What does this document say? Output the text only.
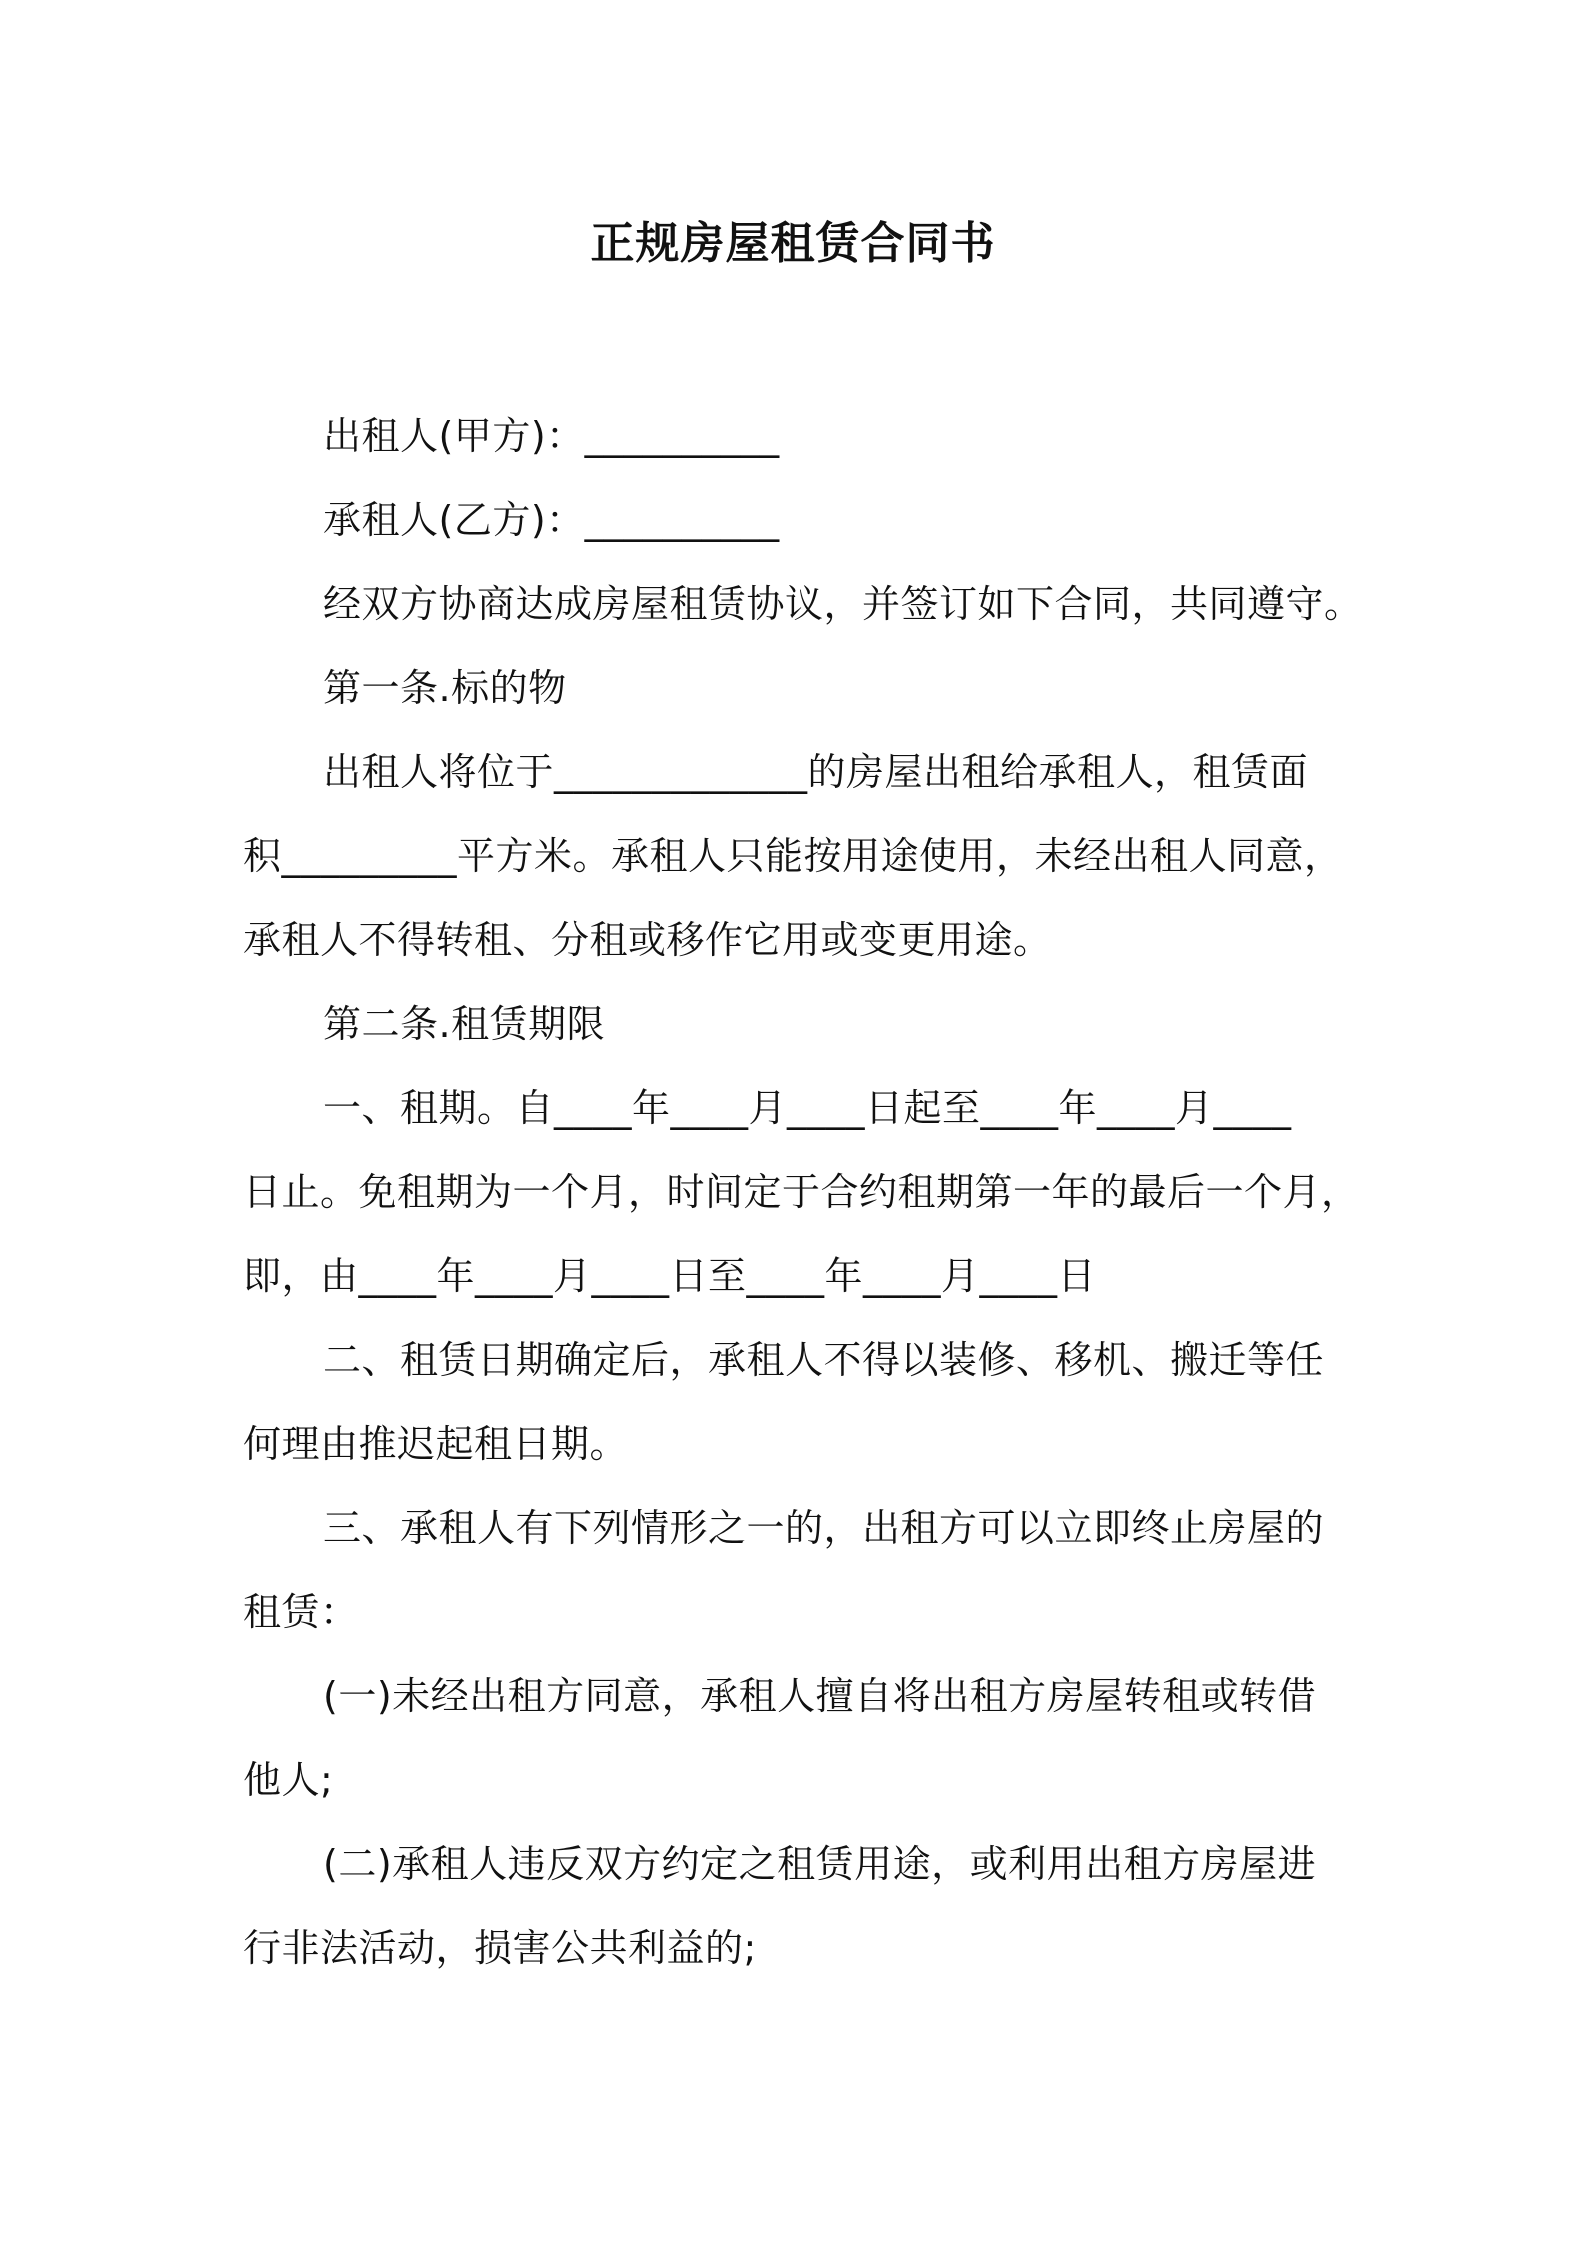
正规房屋租赁合同书
出租人(甲方)：__________
承租人(乙方)：__________
经双方协商达成房屋租赁协议，并签订如下合同，共同遵守。
第一条.标的物
出租人将位于_____________的房屋出租给承租人，租赁面
积_________平方米。承租人只能按用途使用，未经出租人同意，
承租人不得转租、分租或移作它用或变更用途。
第二条.租赁期限
一、租期。自____年____月____日起至____年____月____
日止。免租期为一个月，时间定于合约租期第一年的最后一个月，
即，由____年____月____日至____年____月____日
二、租赁日期确定后，承租人不得以装修、移机、搬迁等任
何理由推迟起租日期。
三、承租人有下列情形之一的，出租方可以立即终止房屋的
租赁：
(一)未经出租方同意，承租人擅自将出租方房屋转租或转借
他人;
(二)承租人违反双方约定之租赁用途，或利用出租方房屋进
行非法活动，损害公共利益的;
